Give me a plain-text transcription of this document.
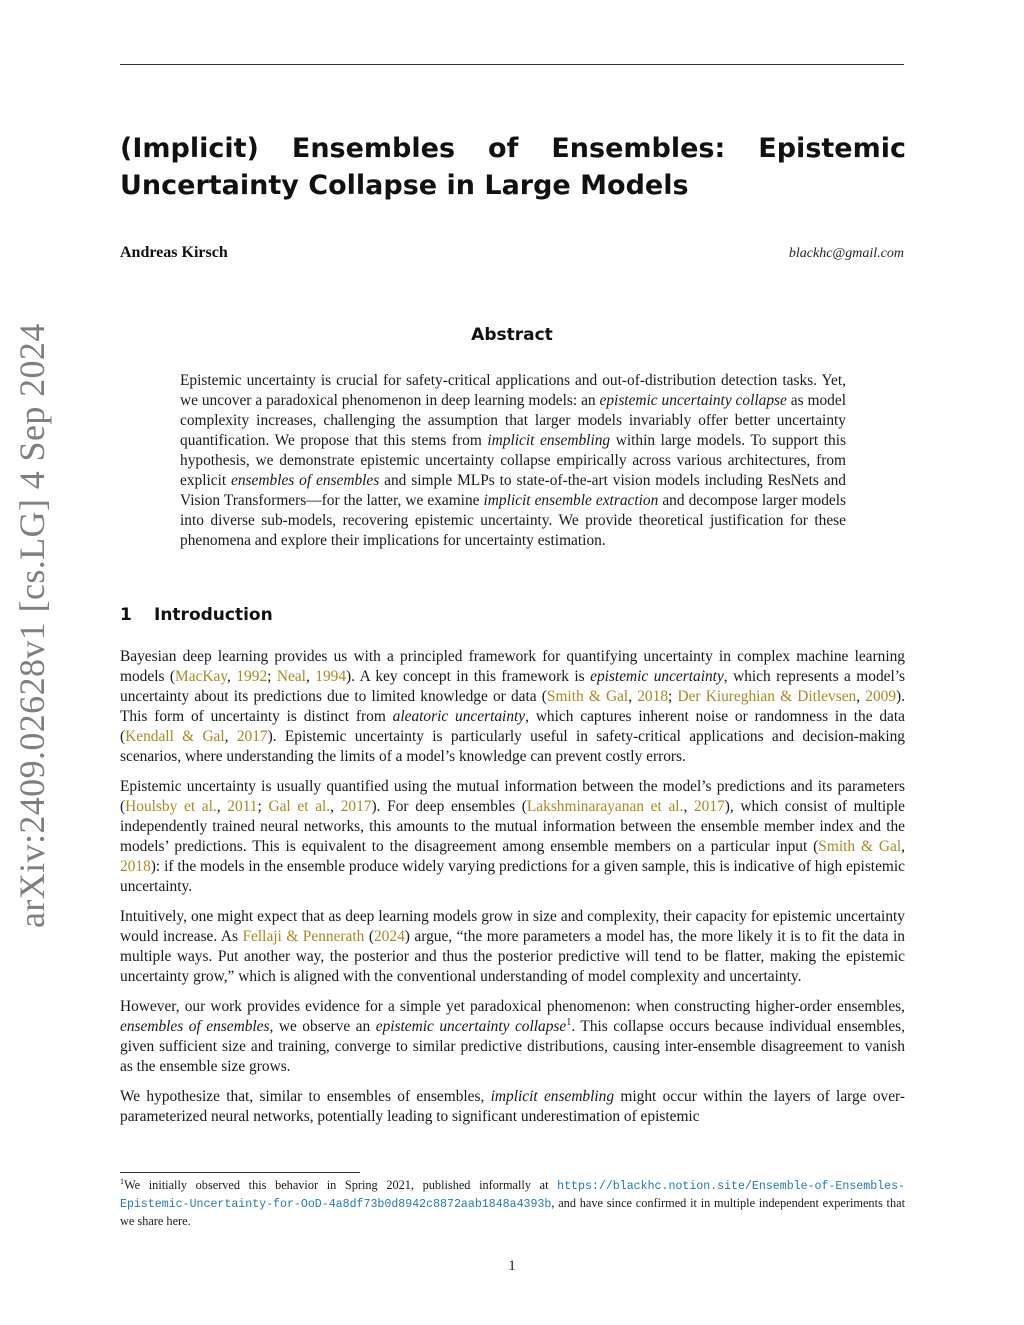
arXiv:2409.02628v1 [cs.LG] 4 Sep 2024
(Implicit) Ensembles of Ensembles: Epistemic Uncertainty Collapse in Large Models
Andreas Kirsch	blackhc@gmail.com
Abstract
Epistemic uncertainty is crucial for safety-critical applications and out-of-distribution detection tasks. Yet, we uncover a paradoxical phenomenon in deep learning models: an epistemic uncertainty collapse as model complexity increases, challenging the assumption that larger models invariably offer better uncertainty quantification. We propose that this stems from implicit ensembling within large models. To support this hypothesis, we demonstrate epistemic uncertainty collapse empirically across various architectures, from explicit ensembles of ensembles and simple MLPs to state-of-the-art vision models including ResNets and Vision Transformers—for the latter, we examine implicit ensemble extraction and decompose larger models into diverse sub-models, recovering epistemic uncertainty. We provide theoretical justification for these phenomena and explore their implications for uncertainty estimation.
1 Introduction

Bayesian deep learning provides us with a principled framework for quantifying uncertainty in complex machine learning models (MacKay, 1992; Neal, 1994). A key concept in this framework is epistemic uncertainty, which represents a model’s uncertainty about its predictions due to limited knowledge or data (Smith & Gal, 2018; Der Kiureghian & Ditlevsen, 2009). This form of uncertainty is distinct from aleatoric uncertainty, which captures inherent noise or randomness in the data (Kendall & Gal, 2017). Epistemic uncertainty is particularly useful in safety-critical applications and decision-making scenarios, where understanding the limits of a model’s knowledge can prevent costly errors.

Epistemic uncertainty is usually quantified using the mutual information between the model’s predictions and its parameters (Houlsby et al., 2011; Gal et al., 2017). For deep ensembles (Lakshminarayanan et al., 2017), which consist of multiple independently trained neural networks, this amounts to the mutual information between the ensemble member index and the models’ predictions. This is equivalent to the disagreement among ensemble members on a particular input (Smith & Gal, 2018): if the models in the ensemble produce widely varying predictions for a given sample, this is indicative of high epistemic uncertainty.

Intuitively, one might expect that as deep learning models grow in size and complexity, their capacity for epistemic uncertainty would increase. As Fellaji & Pennerath (2024) argue, “the more parameters a model has, the more likely it is to fit the data in multiple ways. Put another way, the posterior and thus the posterior predictive will tend to be flatter, making the epistemic uncertainty grow,” which is aligned with the conventional understanding of model complexity and uncertainty.

However, our work provides evidence for a simple yet paradoxical phenomenon: when constructing higher-order ensembles, ensembles of ensembles, we observe an epistemic uncertainty collapse$^1$. This collapse occurs because individual ensembles, given sufficient size and training, converge to similar predictive distributions, causing inter-ensemble disagreement to vanish as the ensemble size grows.

We hypothesize that, similar to ensembles of ensembles, implicit ensembling might occur within the layers of large over-parameterized neural networks, potentially leading to significant underestimation of epistemic

$^1$We initially observed this behavior in Spring 2021, published informally at https://blackhc.notion.site/Ensemble-of-Ensembles-Epistemic-Uncertainty-for-OoD-4a8df73b0d8942c8872aab1848a4393b, and have since confirmed it in multiple independent experiments that we share here.
1
